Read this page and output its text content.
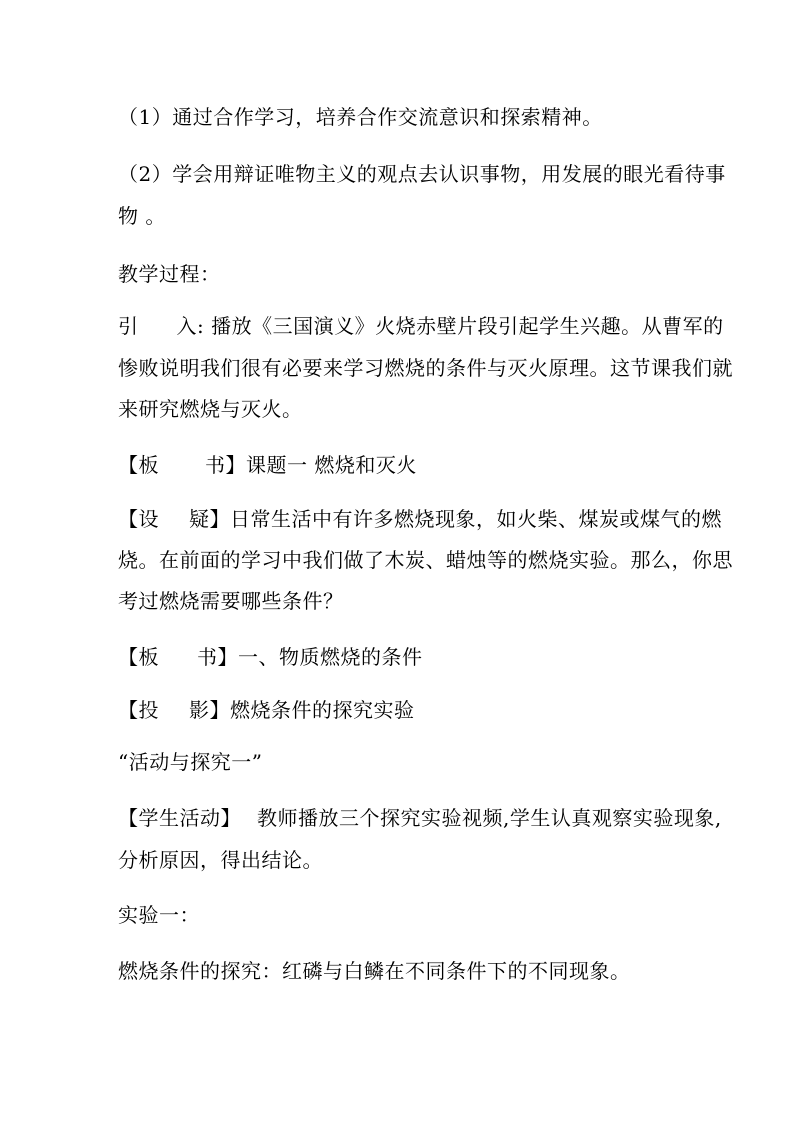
（1）通过合作学习，培养合作交流意识和探索精神。
（2）学会用辩证唯物主义的观点去认识事物，用发展的眼光看待事
物 。
教学过程：
引 入: 播放《三国演义》火烧赤壁片段引起学生兴趣。从曹军的
惨败说明我们很有必要来学习燃烧的条件与灭火原理。这节课我们就
来研究燃烧与灭火。
【板 书】课题一 燃烧和灭火
【设 疑】日常生活中有许多燃烧现象，如火柴、煤炭或煤气的燃
烧。在前面的学习中我们做了木炭、蜡烛等的燃烧实验。那么，你思
考过燃烧需要哪些条件？
【板 书】一、物质燃烧的条件
【投 影】燃烧条件的探究实验
“活动与探究一”
【学生活动】 教师播放三个探究实验视频,学生认真观察实验现象,
分析原因，得出结论。
实验一：
燃烧条件的探究：红磷与白鳞在不同条件下的不同现象。
